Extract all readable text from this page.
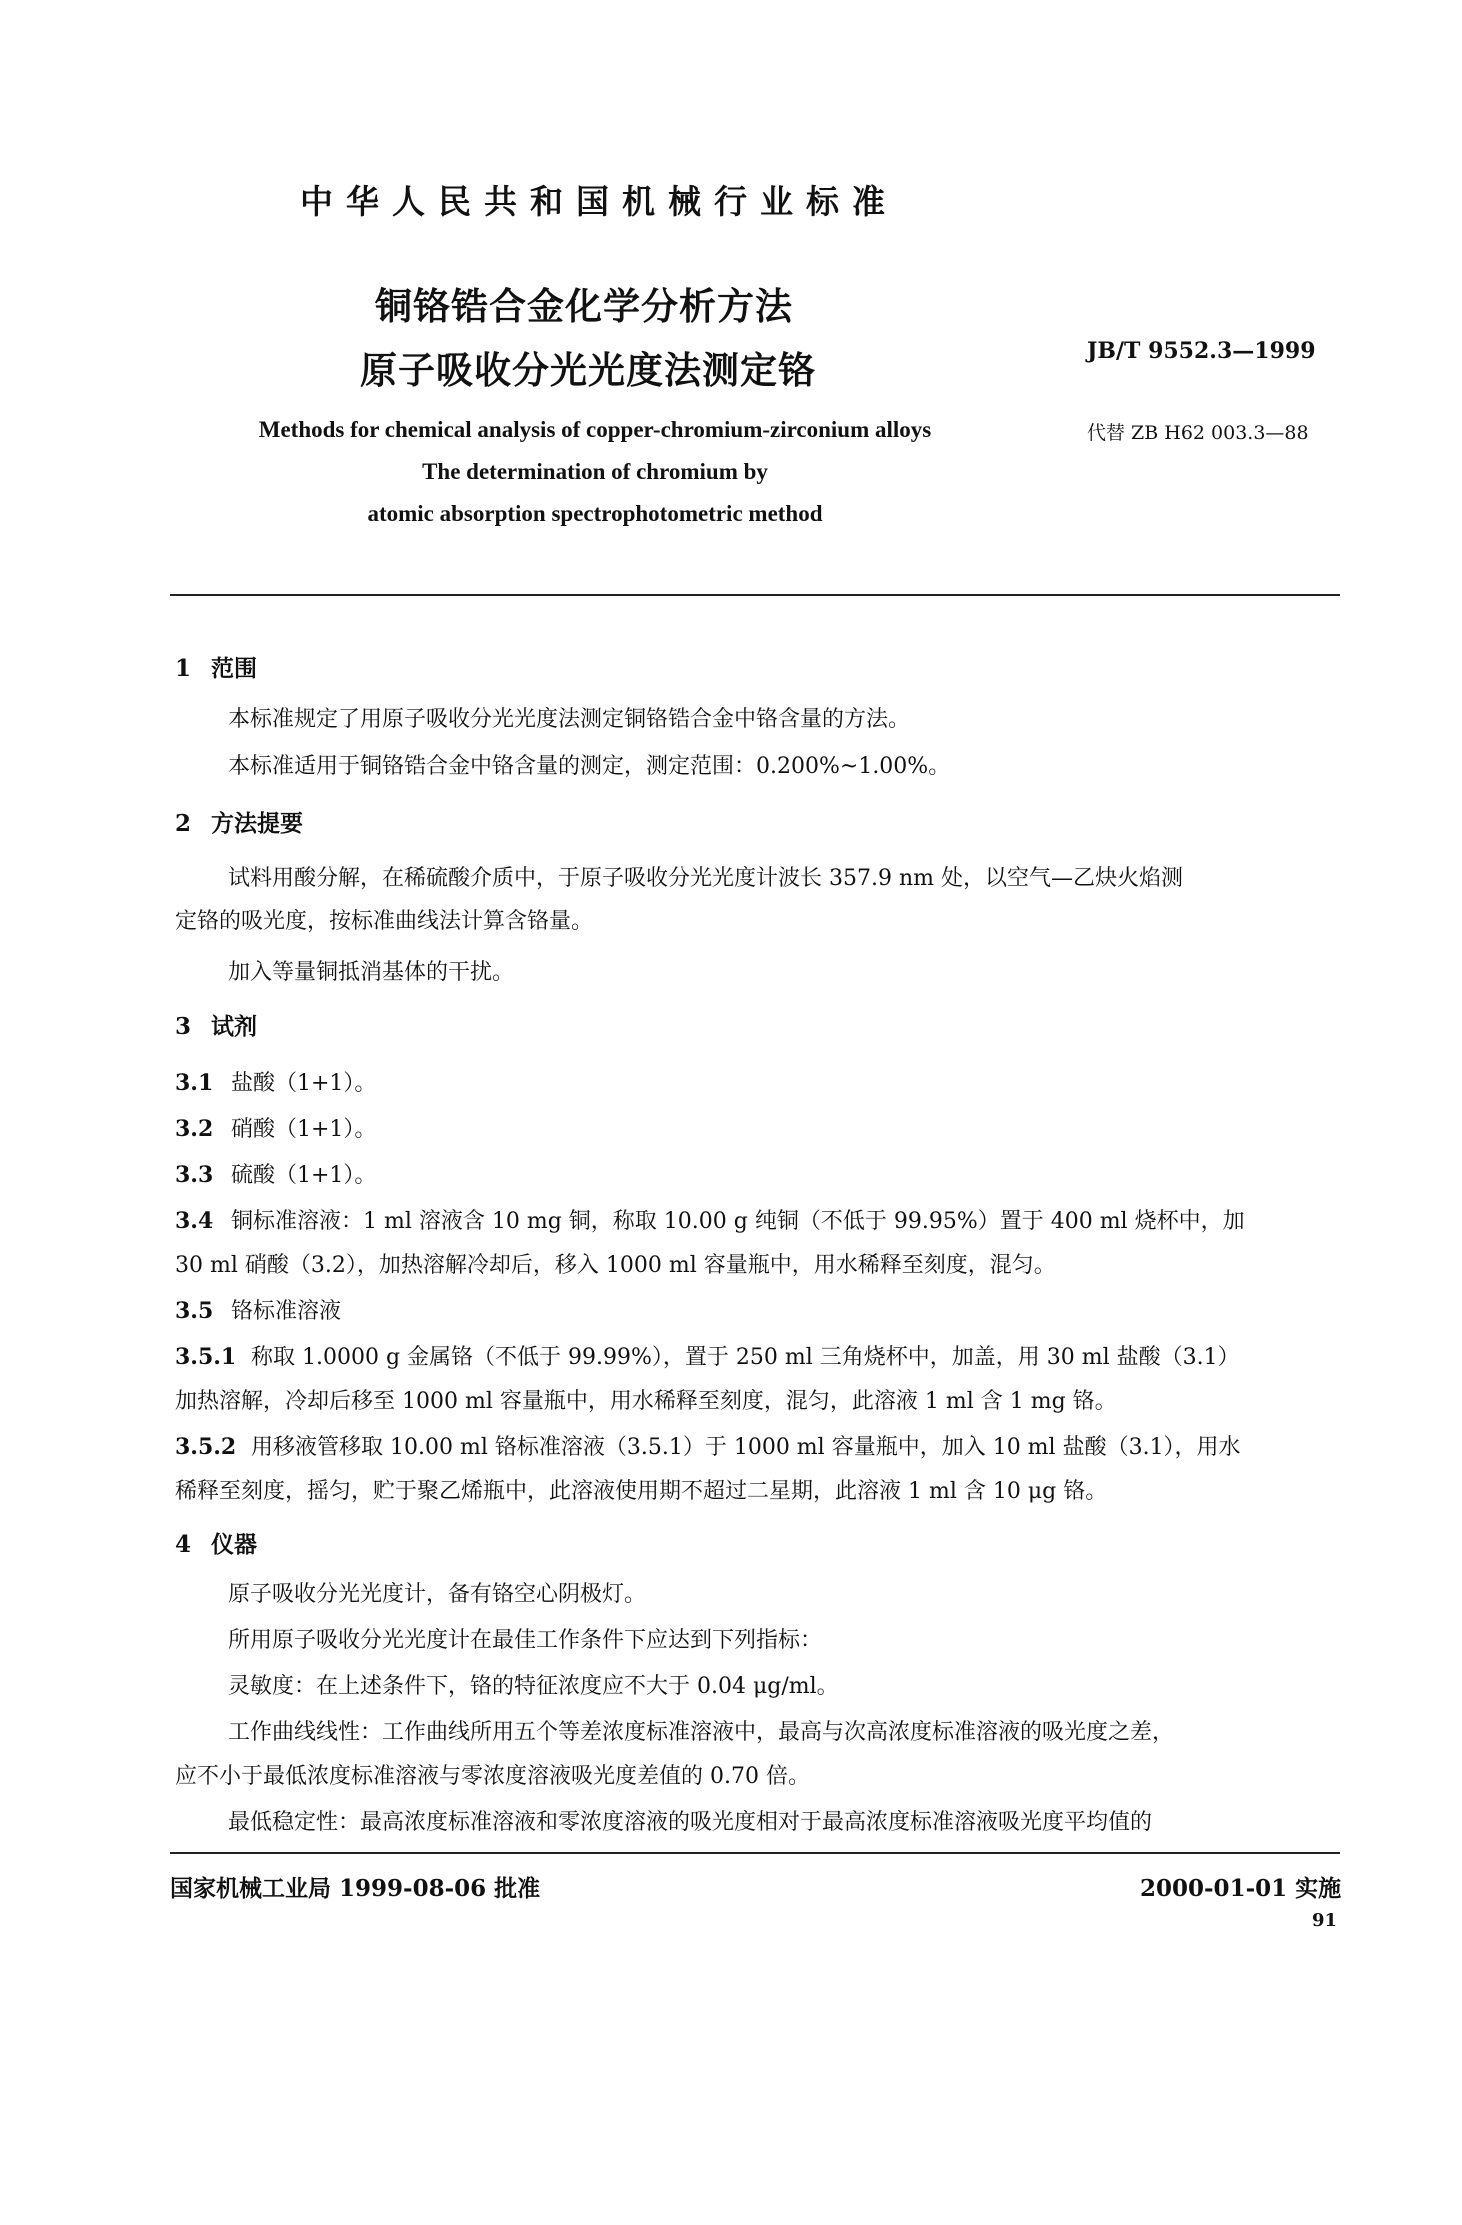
中华人民共和国机械行业标准
铜铬锆合金化学分析方法
原子吸收分光光度法测定铬	JB/T 9552.3—1999
代替 ZB H62 003.3—88
Methods for chemical analysis of copper-chromium-zirconium alloys
The determination of chromium by
atomic absorption spectrophotometric method
1 范围
本标准规定了用原子吸收分光光度法测定铜铬锆合金中铬含量的方法。
本标准适用于铜铬锆合金中铬含量的测定，测定范围：0.200%~1.00%。
2 方法提要
试料用酸分解，在稀硫酸介质中，于原子吸收分光光度计波长 357.9 nm 处，以空气—乙炔火焰测
定铬的吸光度，按标准曲线法计算含铬量。
加入等量铜抵消基体的干扰。
3 试剂
3.1 盐酸（1+1）。
3.2 硝酸（1+1）。
3.3 硫酸（1+1）。
3.4 铜标准溶液：1 ml 溶液含 10 mg 铜，称取 10.00 g 纯铜（不低于 99.95%）置于 400 ml 烧杯中，加
30 ml 硝酸（3.2），加热溶解冷却后，移入 1000 ml 容量瓶中，用水稀释至刻度，混匀。
3.5 铬标准溶液
3.5.1 称取 1.0000 g 金属铬（不低于 99.99%），置于 250 ml 三角烧杯中，加盖，用 30 ml 盐酸（3.1）
加热溶解，冷却后移至 1000 ml 容量瓶中，用水稀释至刻度，混匀，此溶液 1 ml 含 1 mg 铬。
3.5.2 用移液管移取 10.00 ml 铬标准溶液（3.5.1）于 1000 ml 容量瓶中，加入 10 ml 盐酸（3.1），用水
稀释至刻度，摇匀，贮于聚乙烯瓶中，此溶液使用期不超过二星期，此溶液 1 ml 含 10 μg 铬。
4 仪器
原子吸收分光光度计，备有铬空心阴极灯。
所用原子吸收分光光度计在最佳工作条件下应达到下列指标：
灵敏度：在上述条件下，铬的特征浓度应不大于 0.04 μg/ml。
工作曲线线性：工作曲线所用五个等差浓度标准溶液中，最高与次高浓度标准溶液的吸光度之差，
应不小于最低浓度标准溶液与零浓度溶液吸光度差值的 0.70 倍。
最低稳定性：最高浓度标准溶液和零浓度溶液的吸光度相对于最高浓度标准溶液吸光度平均值的
国家机械工业局 1999-08-06 批准	2000-01-01 实施
91
